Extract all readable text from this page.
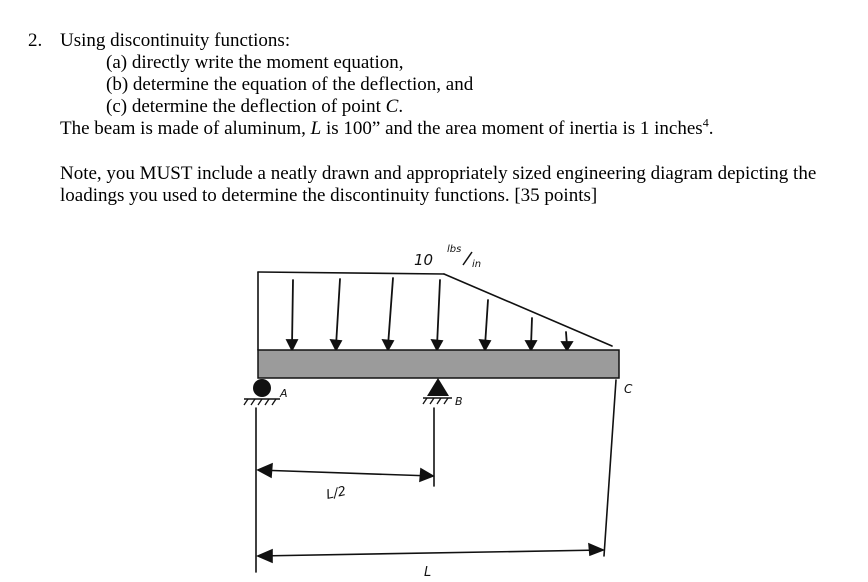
2. Using discontinuity functions:
(a) directly write the moment equation,
(b) determine the equation of the deflection, and
(c) determine the deflection of point C.
The beam is made of aluminum, L is 100” and the area moment of inertia is 1 inches$^4$.
Note, you MUST include a neatly drawn and appropriately sized engineering diagram depicting the
loadings you used to determine the discontinuity functions. [35 points]
10
lbs
in
A
B
C
L/2
L
